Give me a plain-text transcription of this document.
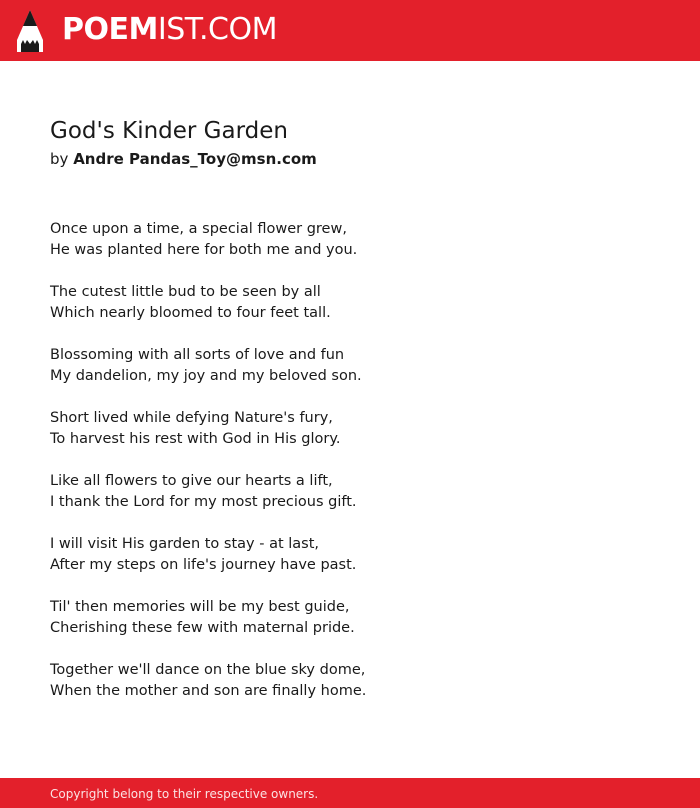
POEMIST.COM
God's Kinder Garden
by Andre Pandas_Toy@msn.com
Once upon a time, a special flower grew,
He was planted here for both me and you.
The cutest little bud to be seen by all
Which nearly bloomed to four feet tall.
Blossoming with all sorts of love and fun
My dandelion, my joy and my beloved son.
Short lived while defying Nature's fury,
To harvest his rest with God in His glory.
Like all flowers to give our hearts a lift,
I thank the Lord for my most precious gift.
I will visit His garden to stay - at last,
After my steps on life's journey have past.
Til' then memories will be my best guide,
Cherishing these few with maternal pride.
Together we'll dance on the blue sky dome,
When the mother and son are finally home.
Copyright belong to their respective owners.
